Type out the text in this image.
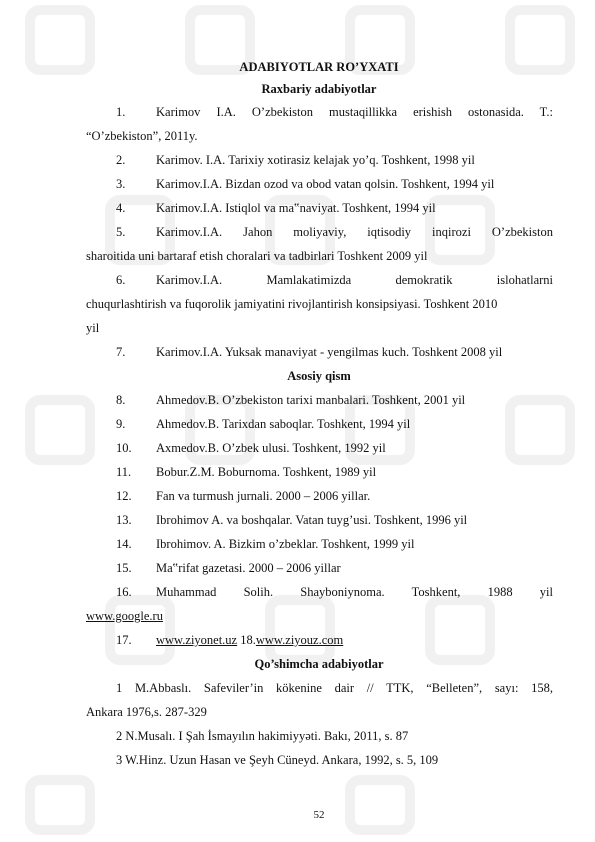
ADABIYOTLAR RO’YXATI
Raxbariy adabiyotlar
1. Karimov I.A. O’zbekiston mustaqillikka erishish ostonasida. T.:
“O’zbekiston”, 2011y.
2. Karimov. I.A. Tarixiy xotirasiz kelajak yo’q. Toshkent, 1998 yil
3. Karimov.I.A. Bizdan ozod va obod vatan qolsin. Toshkent, 1994 yil
4. Karimov.I.A. Istiqlol va ma‟naviyat. Toshkent, 1994 yil
5. Karimov.I.A. Jahon moliyaviy, iqtisodiy inqirozi O’zbekiston
sharoitida uni bartaraf etish choralari va tadbirlari Toshkent 2009 yil
6. Karimov.I.A. Mamlakatimizda demokratik islohatlarni
chuqurlashtirish va fuqorolik jamiyatini rivojlantirish konsipsiyasi. Toshkent 2010
yil
7. Karimov.I.A. Yuksak manaviyat - yengilmas kuch. Toshkent 2008 yil
Asosiy qism
8. Ahmedov.B. O’zbekiston tarixi manbalari. Toshkent, 2001 yil
9. Ahmedov.B. Tarixdan saboqlar. Toshkent, 1994 yil
10. Axmedov.B. O’zbek ulusi. Toshkent, 1992 yil
11. Bobur.Z.M. Boburnoma. Toshkent, 1989 yil
12. Fan va turmush jurnali. 2000 – 2006 yillar.
13. Ibrohimov A. va boshqalar. Vatan tuyg’usi. Toshkent, 1996 yil
14. Ibrohimov. A. Bizkim o’zbeklar. Toshkent, 1999 yil
15. Ma‟rifat gazetasi. 2000 – 2006 yillar
16. Muhammad Solih. Shayboniynoma. Toshkent, 1988 yil
www.google.ru
17. www.ziyonet.uz 18.www.ziyouz.com
Qo’shimcha adabiyotlar
1 M.Abbaslı. Safeviler’in kökenine dair // TTK, “Belleten”, sayı: 158,
Ankara 1976,s. 287-329
2 N.Musalı. I Şah İsmayılın hakimiyyəti. Bakı, 2011, s. 87
3 W.Hinz. Uzun Hasan ve Şeyh Cüneyd. Ankara, 1992, s. 5, 109
52
